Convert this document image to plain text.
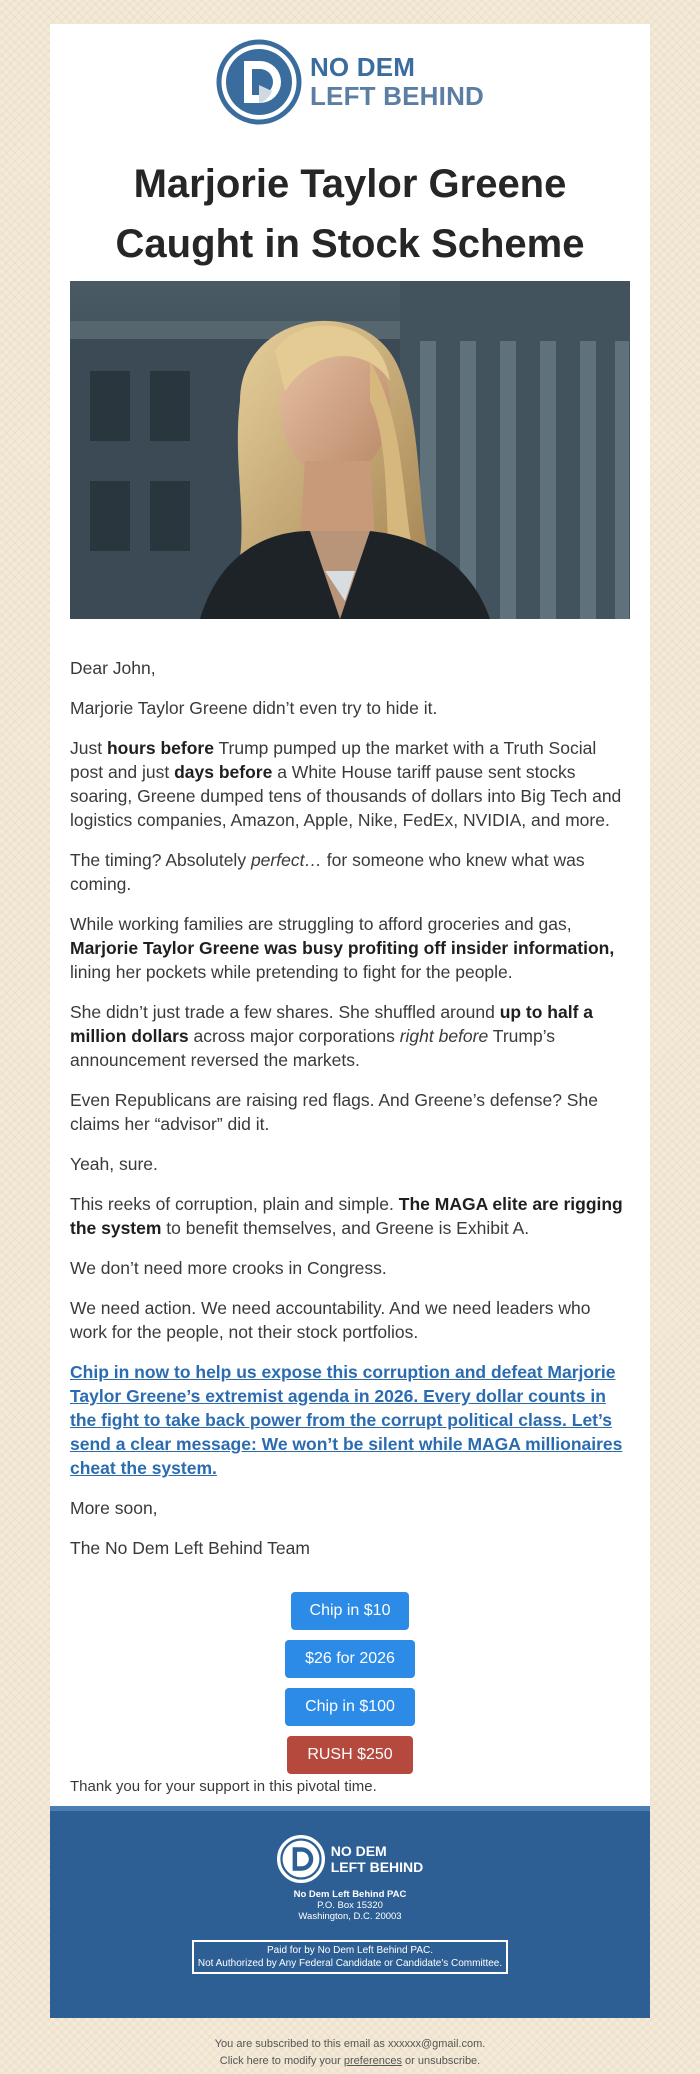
NO DEM
LEFT BEHIND
Marjorie Taylor Greene
Caught in Stock Scheme

Dear John,

Marjorie Taylor Greene didn’t even try to hide it.

Just hours before Trump pumped up the market with a Truth Social post and just days before a White House tariff pause sent stocks soaring, Greene dumped tens of thousands of dollars into Big Tech and logistics companies, Amazon, Apple, Nike, FedEx, NVIDIA, and more.

The timing? Absolutely perfect… for someone who knew what was coming.

While working families are struggling to afford groceries and gas, Marjorie Taylor Greene was busy profiting off insider information, lining her pockets while pretending to fight for the people.

She didn’t just trade a few shares. She shuffled around up to half a million dollars across major corporations right before Trump’s announcement reversed the markets.

Even Republicans are raising red flags. And Greene’s defense? She claims her “advisor” did it.

Yeah, sure.

This reeks of corruption, plain and simple. The MAGA elite are rigging the system to benefit themselves, and Greene is Exhibit A.

We don’t need more crooks in Congress.

We need action. We need accountability. And we need leaders who work for the people, not their stock portfolios.

Chip in now to help us expose this corruption and defeat Marjorie Taylor Greene’s extremist agenda in 2026. Every dollar counts in the fight to take back power from the corrupt political class. Let’s send a clear message: We won’t be silent while MAGA millionaires cheat the system.

More soon,

The No Dem Left Behind Team

Chip in $10
$26 for 2026
Chip in $100
RUSH $250
Thank you for your support in this pivotal time.
NO DEM
LEFT BEHIND
No Dem Left Behind PAC
P.O. Box 15320
Washington, D.C. 20003
Paid for by No Dem Left Behind PAC.
Not Authorized by Any Federal Candidate or Candidate's Committee.
You are subscribed to this email as xxxxxx@gmail.com.
Click here to modify your preferences or unsubscribe.
